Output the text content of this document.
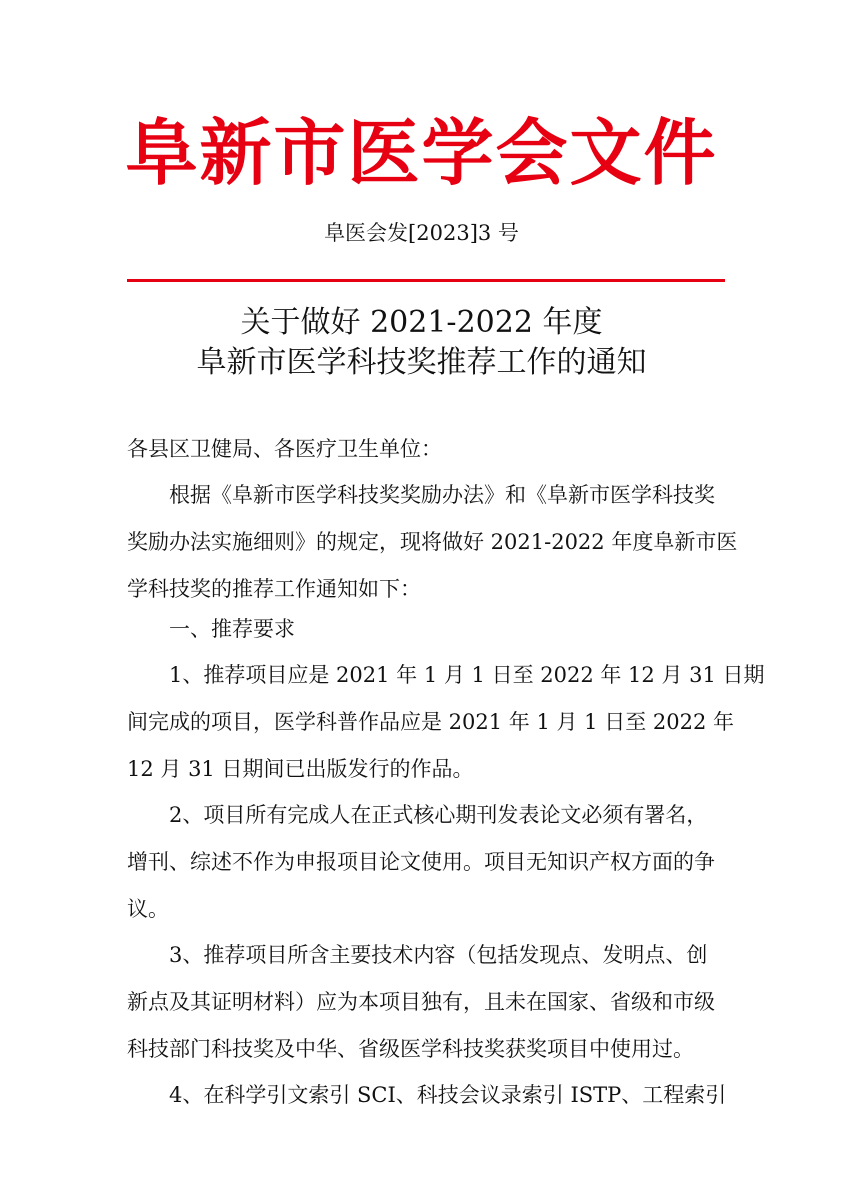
阜新市医学会文件
阜医会发[2023]3 号
关于做好 2021-2022 年度
阜新市医学科技奖推荐工作的通知
各县区卫健局、各医疗卫生单位：
根据《阜新市医学科技奖奖励办法》和《阜新市医学科技奖
奖励办法实施细则》的规定，现将做好 2021-2022 年度阜新市医
学科技奖的推荐工作通知如下：
一、推荐要求
1、推荐项目应是 2021 年 1 月 1 日至 2022 年 12 月 31 日期
间完成的项目，医学科普作品应是 2021 年 1 月 1 日至 2022 年
12 月 31 日期间已出版发行的作品。
2、项目所有完成人在正式核心期刊发表论文必须有署名，
增刊、综述不作为申报项目论文使用。项目无知识产权方面的争
议。
3、推荐项目所含主要技术内容（包括发现点、发明点、创
新点及其证明材料）应为本项目独有，且未在国家、省级和市级
科技部门科技奖及中华、省级医学科技奖获奖项目中使用过。
4、在科学引文索引 SCI、科技会议录索引 ISTP、工程索引
